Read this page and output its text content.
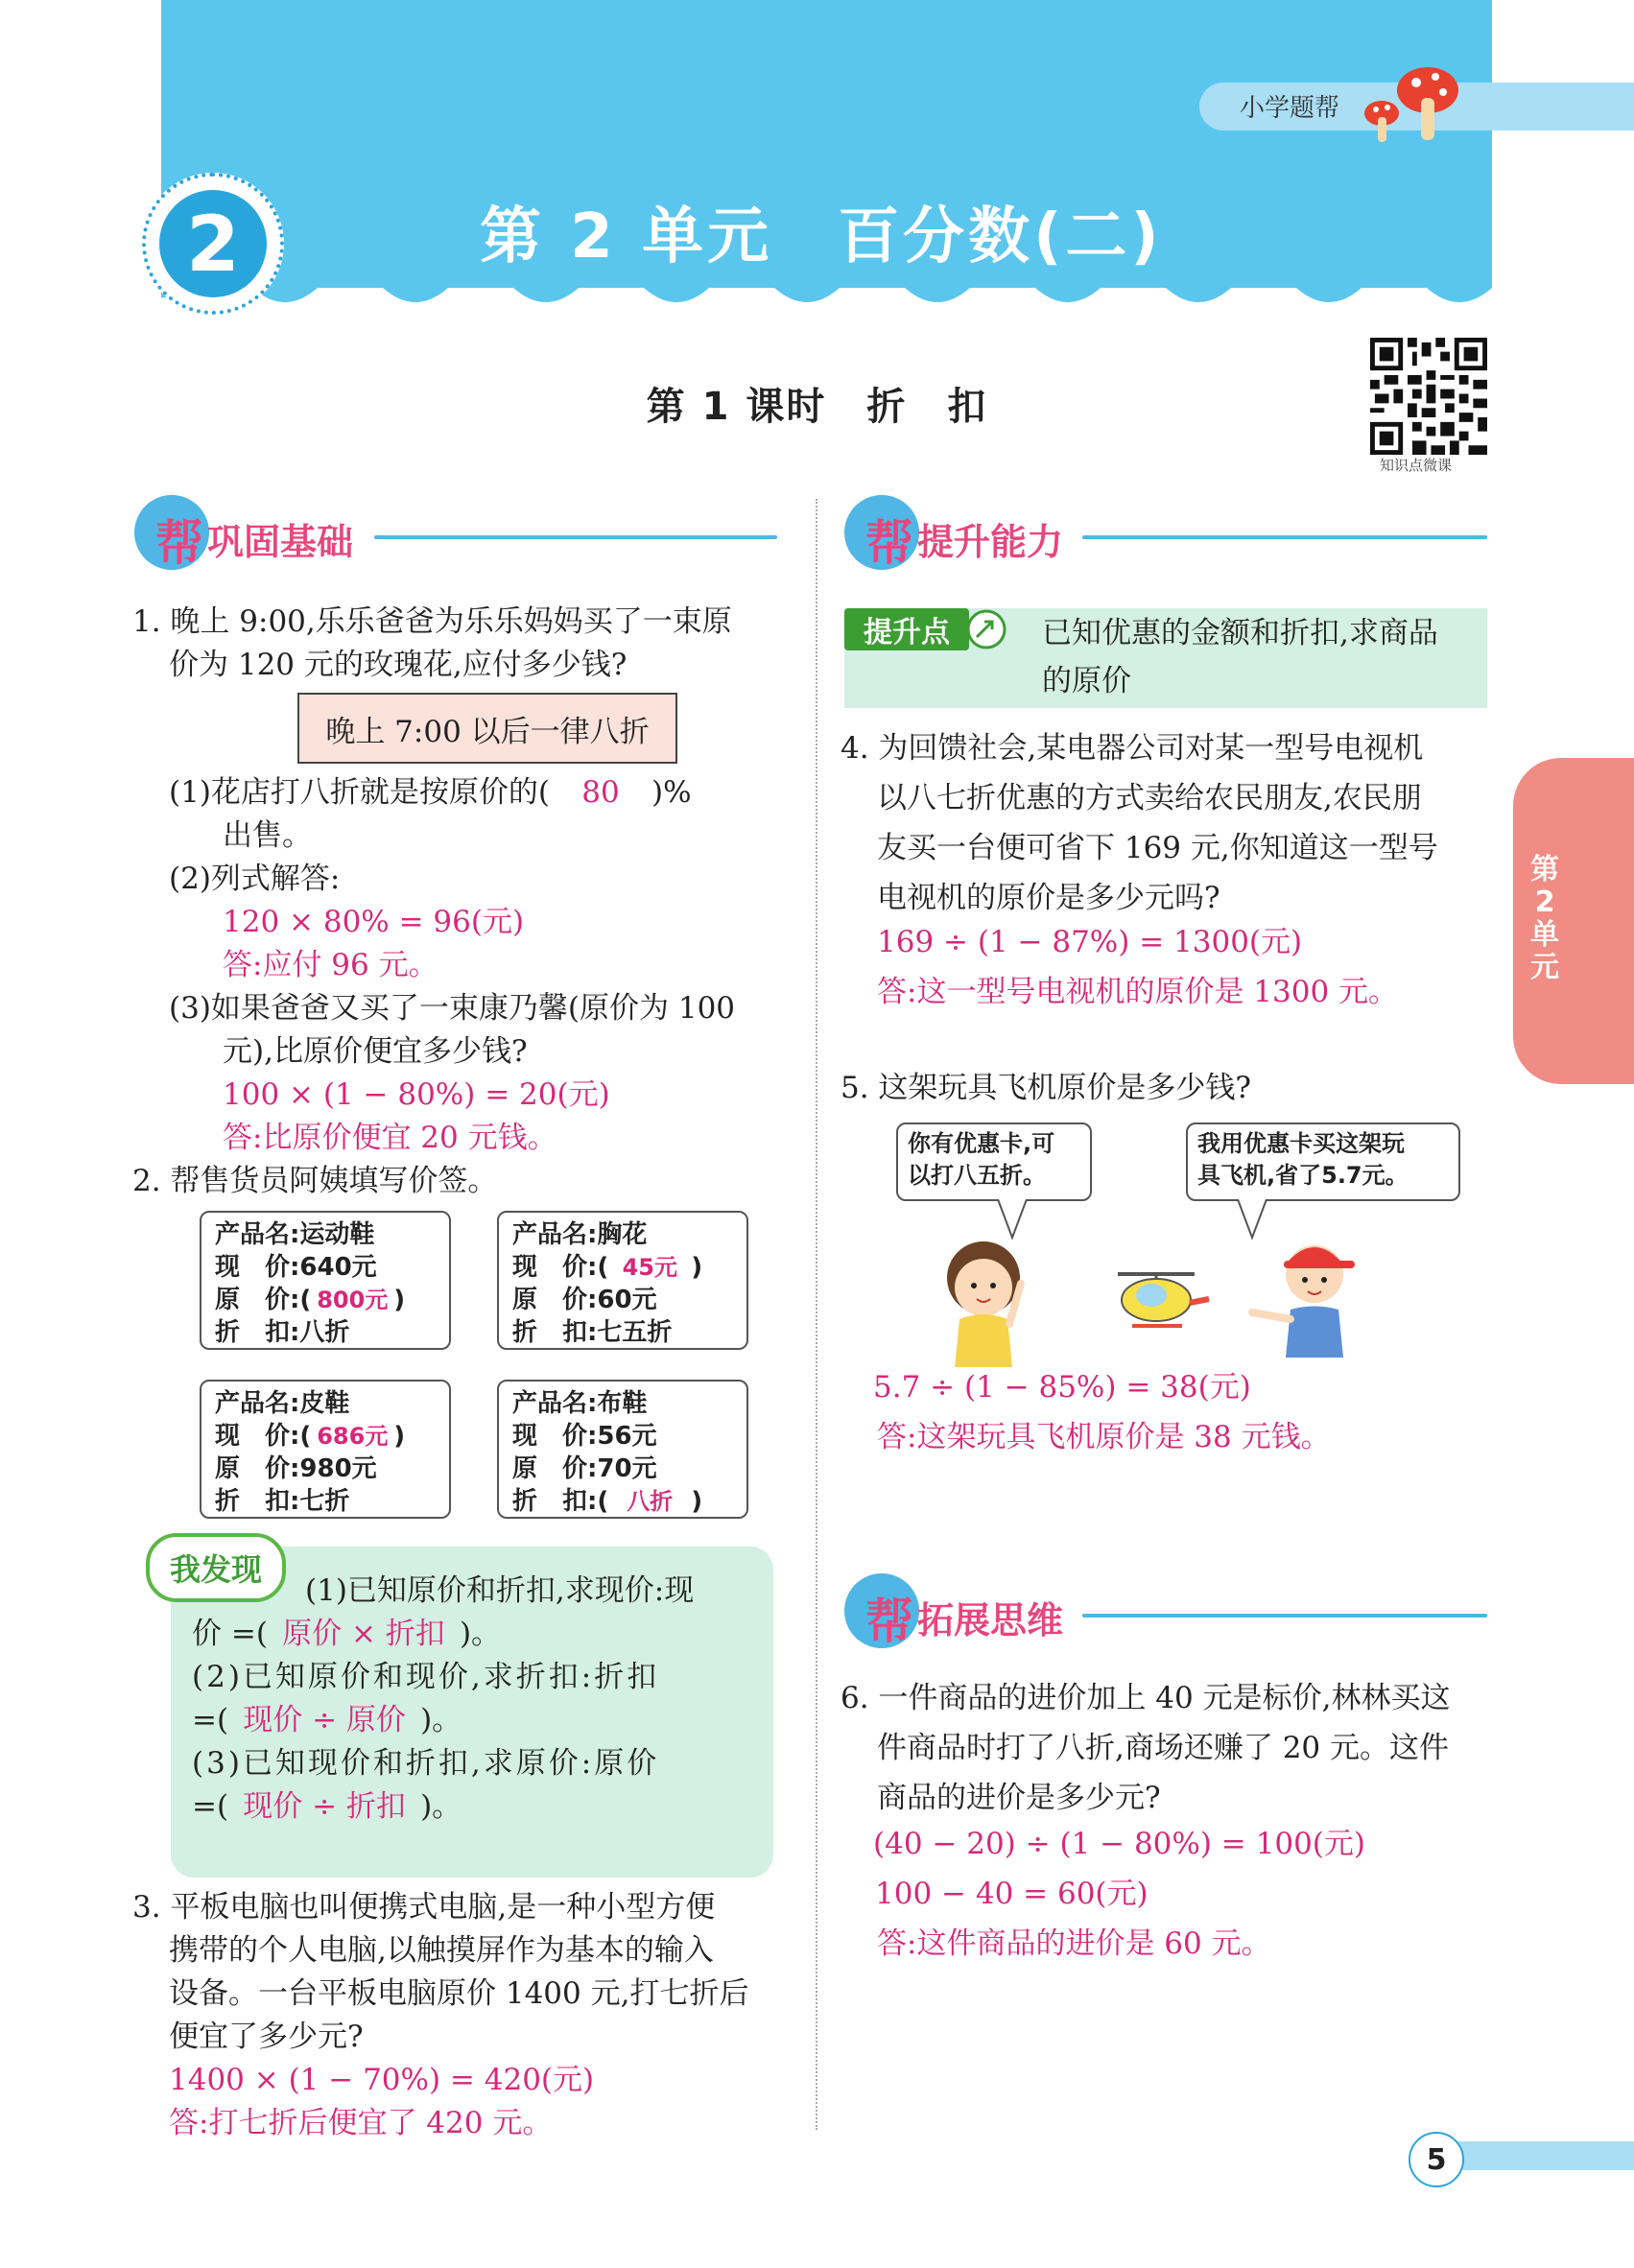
小学题帮
2	第 2 单元　百分数(二)
第 1 课时　折　扣
知识点微课
第2单元
帮 巩固基础
1. 晚上 9:00,乐乐爸爸为乐乐妈妈买了一束原
价为 120 元的玫瑰花,应付多少钱?
晚上 7:00 以后一律八折
(1)花店打八折就是按原价的( 80 )%
出售。
(2)列式解答:
120 × 80% = 96(元)
答:应付 96 元。
(3)如果爸爸又买了一束康乃馨(原价为 100
元),比原价便宜多少钱?
100 × (1 − 80%) = 20(元)
答:比原价便宜 20 元钱。
2. 帮售货员阿姨填写价签。
产品名:运动鞋
现　价:640元
原　价:( 800元 )
折　扣:八折
产品名:胸花
现　价:( 45元 )
原　价:60元
折　扣:七五折
产品名:皮鞋
现　价:( 686元 )
原　价:980元
折　扣:七折
产品名:布鞋
现　价:56元
原　价:70元
折　扣:( 八折 )
我发现
(1)已知原价和折扣,求现价:现
价 =( 原价 × 折扣 )。
(2)已知原价和现价,求折扣:折扣
=( 现价 ÷ 原价 )。
(3)已知现价和折扣,求原价:原价
=( 现价 ÷ 折扣 )。
3. 平板电脑也叫便携式电脑,是一种小型方便
携带的个人电脑,以触摸屏作为基本的输入
设备。一台平板电脑原价 1400 元,打七折后
便宜了多少元?
1400 × (1 − 70%) = 420(元)
答:打七折后便宜了 420 元。
帮 提升能力
提升点	已知优惠的金额和折扣,求商品
的原价
4. 为回馈社会,某电器公司对某一型号电视机
以八七折优惠的方式卖给农民朋友,农民朋
友买一台便可省下 169 元,你知道这一型号
电视机的原价是多少元吗?
169 ÷ (1 − 87%) = 1300(元)
答:这一型号电视机的原价是 1300 元。
5. 这架玩具飞机原价是多少钱?
你有优惠卡,可
以打八五折。
我用优惠卡买这架玩
具飞机,省了5.7元。
5.7 ÷ (1 − 85%) = 38(元)
答:这架玩具飞机原价是 38 元钱。
帮 拓展思维
6. 一件商品的进价加上 40 元是标价,林林买这
件商品时打了八折,商场还赚了 20 元。这件
商品的进价是多少元?
(40 − 20) ÷ (1 − 80%) = 100(元)
100 − 40 = 60(元)
答:这件商品的进价是 60 元。
5
